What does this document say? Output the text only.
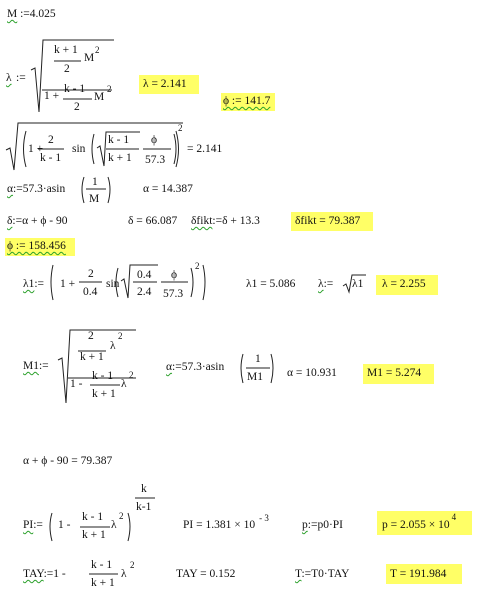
M :=4.025
λ :=
k + 1
2
M
2
1 +
k - 1
2
M
2	λ = 2.141
ϕ := 141.7
1 +
2
k - 1
sin
k - 1
k + 1
ϕ
57.3
2
= 2.141
α:=57.3·asin
1
M
α = 14.387
δ:=α + ϕ - 90	δ = 66.087 δfikt:=δ + 13.3	δfikt = 79.387
ϕ := 158.456
λ1:= 1 +
2
0.4
sin
0.4
2.4
ϕ
57.3
2
λ1 = 5.086 λ:= λ1 λ = 2.255
M1:=
2
k + 1
λ
2
1 -
k - 1
k + 1
λ
2
α:=57.3·asin
1
M1 α = 10.931	M1 = 5.274
α + ϕ - 90 = 79.387
PI:= 1 -
k - 1
k + 1
λ
2
k
k-1
PI = $1.381 \times 10^{- 3}$
p:=p0·PI	$p = 2.055 \times 10^4$
TAY:=1 -
k - 1
k + 1
λ
2
TAY = 0.152	T:=T0·TAY	T = 191.984
